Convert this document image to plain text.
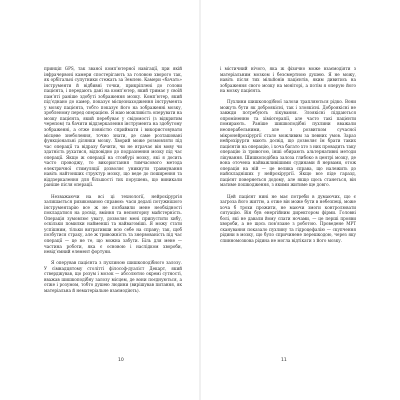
принціп GPS, так званої комп’ютерної навігації, при якій інфрачервоні камери спостерігають за головою хворого так, як орбітальні супутники стежать за Землею. Камери «бачать» інструменти й відбивні точки, прикріплені до голови пацієнта, і передають дані на комп’ютер, який тримає у своїй пам’яті раніше здобуті зображення мозку. Комп’ютер, який під’єднано до камер, показує місцезнаходження інструмента у мозку пацієнта, тобто показує його на зображенні мозку, зробленому перед операцією. Я маю можливість оперувати на мозку пацієнта, який перебуває у свідомості (з відкритим черепом) та бачити віддзеркалення інструмента на здобутому зображенні, а отже повністю сприймати і використовувати місцеве знеболення, точно знати, де саме розташовані функціональні ділянки мозку. Хворий може розмовляти під час операції та відразу бачити, чи не втрачає він мову чи здатність рухатися, відповідно до подразнення мозку під час операції. Якщо ж операції на стовбурі мозку, які я досить часто проводжу, то використання тимчасового метода електричної стимуляції дозволяє уникнути травмування навіть найтонших структур мозку, що веде до поширення та віддзеркалення для більшості тих порушень, що виникали раніше після операції.

Незважаючи на всі ці технології, нейрохірургія залишається ризикованою справою: часи дедалі потужнішого інструментарію все ж не позбавили мене необхідності покладатися на досвід, вміння та неповторну майстерність. Операція зумовлює увагу, дозволяє мені припустити хибу, оскільки помилки найменші та найвагоміші. Я можу стати успішним, тільки витративши всю себе на справу; так, щоб позбутися страху, але ж тривожність та знервованість під час операції — це не те, що можна забути. Біль для мене — частина роботи, яка є основою і наслідком хвороби, невід’ємний елемент фортуни.

Я оперував пацієнта з пухлиною шишкоподібного залозу. У сімнадцятому столітті філософ-дуаліст Декарт, який стверджував, що розум і мозок — абсолютно окремі сутності, вважав шишкоподібну залозу місцем, де вони поєднуються, а отже і розумом, тобто душею людини (вирішував питання, як матеріальна й нематеріальне взаємодіють).

10

і містичний нічого, яка ж фізично може взаємодіяти з матеріальним мозком і безсмертною душею. Я не можу, навіть після тих мільйонів пацієнтів, яким дивитись на зображення свого мозку на моніторі, а потім я оперую його на мозку пацієнта.

Пухлини шишкоподібної залози трапляються рідко. Вони можуть бути як доброякісні, так і злоякісні. Доброякісні не завжди потребують лікування. Злоякісні піддаються опроміненню та хіміотерапії, але часто такі пацієнти помирають. Раніше шишкоподібні пухлини вважали неоперабельними, але з розвитком сучасної мікронейрохірургії стало можливим за певних умов. Зараз нейрохірурги мають досвід, що дозволяє їм брати таких пацієнтів на операцію, і хоча багато хто з них провадить таку операцію із тривогою, інші обирають альтернативні методи лікування. Шишкоподібна залоза глибоко в центрі мозку, де вона оточена найважливішими судинами й нервами, отож операція на ній — це велика справа, що належить до найскладніших у нейрохірургії. Якщо все піде гаразд, пацієнт повернеться додому, але якщо щось станеться, він матиме пошкодження, з якими житиме ще довго.

Цей пацієнт нині не має потреби в думаючих, що є загроза його життю, а отже він може бути в небезпеці, може хоча б трохи прожити, не маючи змоги контролювати ситуацію. Він був енергійним директором фірми. Головні болі, які не давали йому спати ночами, — це перші прояви хвороби, а не щось пов’язане з роботою. Проведене МРТ сканування показало пухлину та гідроцефалію — скупчення рідини в мозку, що було спричинене перешкодою, через яку спинномозкова рідина не могла відтікати з його мозку.

11
